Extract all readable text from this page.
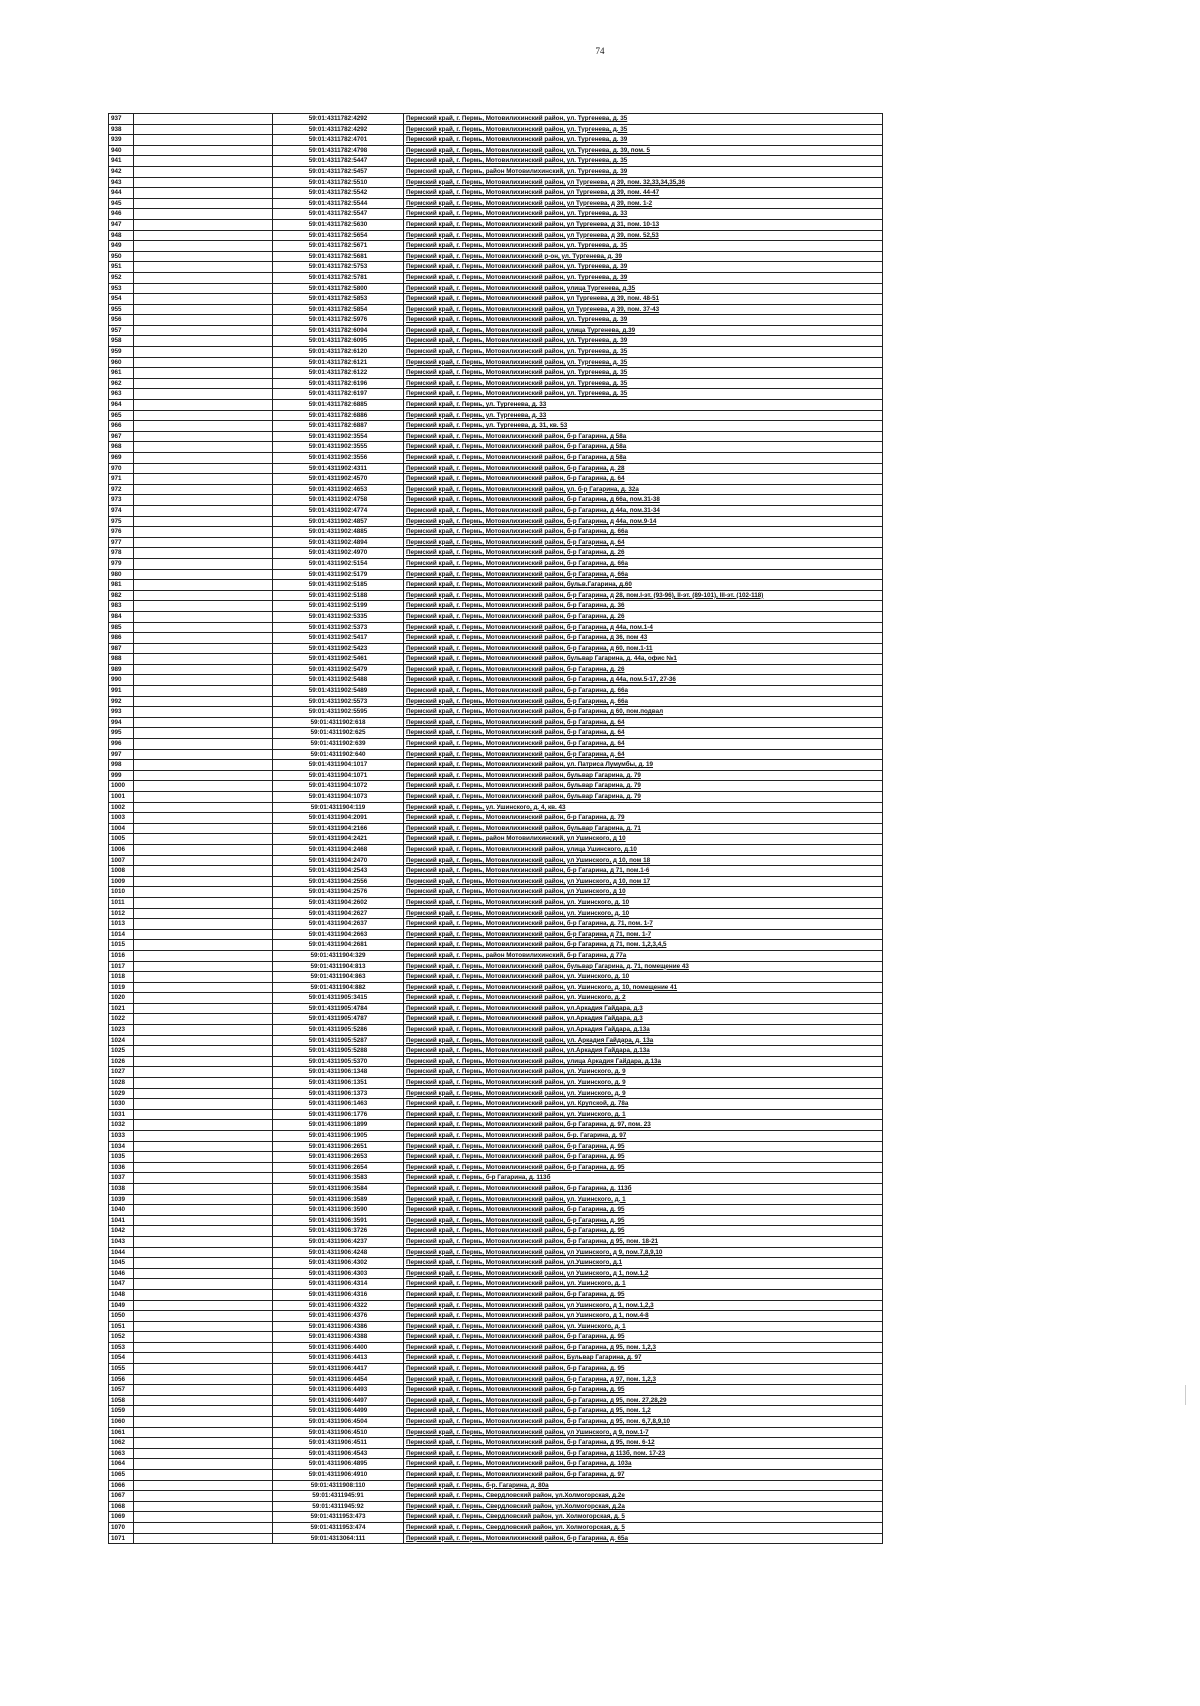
74
937		59:01:4311782:4292	Пермский край, г. Пермь, Мотовилихинский район, ул. Тургенева, д. 35
938		59:01:4311782:4292	Пермский край, г. Пермь, Мотовилихинский район, ул. Тургенева, д. 35
939		59:01:4311782:4701	Пермский край, г. Пермь, Мотовилихинский район, ул. Тургенева, д. 39
940		59:01:4311782:4798	Пермский край, г. Пермь, Мотовилихинский район, ул. Тургенева, д. 39, пом. 5
941		59:01:4311782:5447	Пермский край, г. Пермь, Мотовилихинский район, ул. Тургенева, д. 35
942		59:01:4311782:5457	Пермский край, г. Пермь, район Мотовилихинский, ул. Тургенева, д. 39
943		59:01:4311782:5510	Пермский край, г. Пермь, Мотовилихинский район, ул Тургенева, д 39, пом. 32,33,34,35,36
944		59:01:4311782:5542	Пермский край, г. Пермь, Мотовилихинский район, ул Тургенева, д 39, пом. 44-47
945		59:01:4311782:5544	Пермский край, г. Пермь, Мотовилихинский район, ул Тургенева, д 39, пом. 1-2
946		59:01:4311782:5547	Пермский край, г. Пермь, Мотовилихинский район, ул. Тургенева, д. 33
947		59:01:4311782:5630	Пермский край, г. Пермь, Мотовилихинский район, ул Тургенева, д 31, пом. 10-13
948		59:01:4311782:5654	Пермский край, г. Пермь, Мотовилихинский район, ул Тургенева, д 39, пом. 52,53
949		59:01:4311782:5671	Пермский край, г. Пермь, Мотовилихинский район, ул. Тургенева, д. 35
950		59:01:4311782:5681	Пермский край, г. Пермь, Мотовилихинский р-он, ул. Тургенева, д. 39
951		59:01:4311782:5753	Пермский край, г. Пермь, Мотовилихинский район, ул. Тургенева, д. 39
952		59:01:4311782:5781	Пермский край, г. Пермь, Мотовилихинский район, ул. Тургенева, д. 39
953		59:01:4311782:5800	Пермский край, г. Пермь, Мотовилихинский район, улица Тургенева, д.35
954		59:01:4311782:5853	Пермский край, г. Пермь, Мотовилихинский район, ул Тургенева, д 39, пом. 48-51
955		59:01:4311782:5854	Пермский край, г. Пермь, Мотовилихинский район, ул Тургенева, д 39, пом. 37-43
956		59:01:4311782:5976	Пермский край, г. Пермь, Мотовилихинский район, ул. Тургенева, д. 39
957		59:01:4311782:6094	Пермский край, г. Пермь, Мотовилихинский район, улица Тургенева, д.39
958		59:01:4311782:6095	Пермский край, г. Пермь, Мотовилихинский район, ул. Тургенева, д. 39
959		59:01:4311782:6120	Пермский край, г. Пермь, Мотовилихинский район, ул. Тургенева, д. 35
960		59:01:4311782:6121	Пермский край, г. Пермь, Мотовилихинский район, ул. Тургенева, д. 35
961		59:01:4311782:6122	Пермский край, г. Пермь, Мотовилихинский район, ул. Тургенева, д. 35
962		59:01:4311782:6196	Пермский край, г. Пермь, Мотовилихинский район, ул. Тургенева, д. 35
963		59:01:4311782:6197	Пермский край, г. Пермь, Мотовилихинский район, ул. Тургенева, д. 35
964		59:01:4311782:6885	Пермский край, г. Пермь, ул. Тургенева, д. 33
965		59:01:4311782:6886	Пермский край, г. Пермь, ул. Тургенева, д. 33
966		59:01:4311782:6887	Пермский край, г. Пермь, ул. Тургенева, д. 31, кв. 53
967		59:01:4311902:3554	Пермский край, г. Пермь, Мотовилихинский район, б-р Гагарина, д 58а
968		59:01:4311902:3555	Пермский край, г. Пермь, Мотовилихинский район, б-р Гагарина, д 58а
969		59:01:4311902:3556	Пермский край, г. Пермь, Мотовилихинский район, б-р Гагарина, д 58а
970		59:01:4311902:4311	Пермский край, г. Пермь, Мотовилихинский район, б-р Гагарина, д. 28
971		59:01:4311902:4570	Пермский край, г. Пермь, Мотовилихинский район, б-р Гагарина, д. 64
972		59:01:4311902:4653	Пермский край, г. Пермь, Мотовилихинский район, ул. б-р Гагарина, д. 32а
973		59:01:4311902:4758	Пермский край, г. Пермь, Мотовилихинский район, б-р Гагарина, д 66а, пом.31-38
974		59:01:4311902:4774	Пермский край, г. Пермь, Мотовилихинский район, б-р Гагарина, д 44а, пом.31-34
975		59:01:4311902:4857	Пермский край, г. Пермь, Мотовилихинский район, б-р Гагарина, д 44а, пом.9-14
976		59:01:4311902:4885	Пермский край, г. Пермь, Мотовилихинский район, б-р Гагарина, д. 66а
977		59:01:4311902:4894	Пермский край, г. Пермь, Мотовилихинский район, б-р Гагарина, д. 64
978		59:01:4311902:4970	Пермский край, г. Пермь, Мотовилихинский район, б-р Гагарина, д. 26
979		59:01:4311902:5154	Пермский край, г. Пермь, Мотовилихинский район, б-р Гагарина, д. 66а
980		59:01:4311902:5179	Пермский край, г. Пермь, Мотовилихинский район, б-р Гагарина, д. 66а
981		59:01:4311902:5185	Пермский край, г. Пермь, Мотовилихинский район, бульв.Гагарина, д.60
982		59:01:4311902:5188	Пермский край, г. Пермь, Мотовилихинский район, б-р Гагарина, д 28, пом.I-эт. (93-96), II-эт. (89-101), III-эт. (102-118)
983		59:01:4311902:5199	Пермский край, г. Пермь, Мотовилихинский район, б-р Гагарина, д. 36
984		59:01:4311902:5335	Пермский край, г. Пермь, Мотовилихинский район, б-р Гагарина, д. 26
985		59:01:4311902:5373	Пермский край, г. Пермь, Мотовилихинский район, б-р Гагарина, д 44а, пом.1-4
986		59:01:4311902:5417	Пермский край, г. Пермь, Мотовилихинский район, б-р Гагарина, д 36, пом 43
987		59:01:4311902:5423	Пермский край, г. Пермь, Мотовилихинский район, б-р Гагарина, д 60, пом.1-11
988		59:01:4311902:5461	Пермский край, г. Пермь, Мотовилихинский район, бульвар Гагарина, д. 44а, офис №1
989		59:01:4311902:5479	Пермский край, г. Пермь, Мотовилихинский район, б-р Гагарина, д. 26
990		59:01:4311902:5488	Пермский край, г. Пермь, Мотовилихинский район, б-р Гагарина, д 44а, пом.5-17, 27-36
991		59:01:4311902:5489	Пермский край, г. Пермь, Мотовилихинский район, б-р Гагарина, д. 66а
992		59:01:4311902:5573	Пермский край, г. Пермь, Мотовилихинский район, б-р Гагарина, д. 66а
993		59:01:4311902:5595	Пермский край, г. Пермь, Мотовилихинский район, б-р Гагарина, д 60, пом.подвал
994		59:01:4311902:618	Пермский край, г. Пермь, Мотовилихинский район, б-р Гагарина, д. 64
995		59:01:4311902:625	Пермский край, г. Пермь, Мотовилихинский район, б-р Гагарина, д. 64
996		59:01:4311902:639	Пермский край, г. Пермь, Мотовилихинский район, б-р Гагарина, д. 64
997		59:01:4311902:640	Пермский край, г. Пермь, Мотовилихинский район, б-р Гагарина, д. 64
998		59:01:4311904:1017	Пермский край, г. Пермь, Мотовилихинский район, ул. Патриса Лумумбы, д. 19
999		59:01:4311904:1071	Пермский край, г. Пермь, Мотовилихинский район, бульвар Гагарина, д. 79
1000		59:01:4311904:1072	Пермский край, г. Пермь, Мотовилихинский район, бульвар Гагарина, д. 79
1001		59:01:4311904:1073	Пермский край, г. Пермь, Мотовилихинский район, бульвар Гагарина, д. 79
1002		59:01:4311904:119	Пермский край, г. Пермь, ул. Ушинского, д. 4, кв. 43
1003		59:01:4311904:2091	Пермский край, г. Пермь, Мотовилихинский район, б-р Гагарина, д. 79
1004		59:01:4311904:2166	Пермский край, г. Пермь, Мотовилихинский район, бульвар Гагарина, д. 71
1005		59:01:4311904:2421	Пермский край, г. Пермь, район Мотовилихинский, ул Ушинского, д 10
1006		59:01:4311904:2468	Пермский край, г. Пермь, Мотовилихинский район, улица Ушинского, д.10
1007		59:01:4311904:2470	Пермский край, г. Пермь, Мотовилихинский район, ул Ушинского, д 10, пом 18
1008		59:01:4311904:2543	Пермский край, г. Пермь, Мотовилихинский район, б-р Гагарина, д 71, пом.1-6
1009		59:01:4311904:2556	Пермский край, г. Пермь, Мотовилихинский район, ул Ушинского, д 10, пом 17
1010		59:01:4311904:2576	Пермский край, г. Пермь, Мотовилихинский район, ул Ушинского, д 10
1011		59:01:4311904:2602	Пермский край, г. Пермь, Мотовилихинский район, ул. Ушинского, д. 10
1012		59:01:4311904:2627	Пермский край, г. Пермь, Мотовилихинский район, ул. Ушинского, д. 10
1013		59:01:4311904:2637	Пермский край, г. Пермь, Мотовилихинский район, б-р Гагарина, д. 71, пом. 1-7
1014		59:01:4311904:2663	Пермский край, г. Пермь, Мотовилихинский район, б-р Гагарина, д 71, пом. 1-7
1015		59:01:4311904:2681	Пермский край, г. Пермь, Мотовилихинский район, б-р Гагарина, д 71, пом. 1,2,3,4,5
1016		59:01:4311904:329	Пермский край, г. Пермь, район Мотовилихинский, б-р Гагарина, д 77а
1017		59:01:4311904:813	Пермский край, г. Пермь, Мотовилихинский район, бульвар Гагарина, д. 71, помещение 43
1018		59:01:4311904:863	Пермский край, г. Пермь, Мотовилихинский район, ул. Ушинского, д. 10
1019		59:01:4311904:882	Пермский край, г. Пермь, Мотовилихинский район, ул. Ушинского, д. 10, помещение 41
1020		59:01:4311905:3415	Пермский край, г. Пермь, Мотовилихинский район, ул. Ушинского, д. 2
1021		59:01:4311905:4784	Пермский край, г. Пермь, Мотовилихинский район, ул.Аркадия Гайдара, д.3
1022		59:01:4311905:4787	Пермский край, г. Пермь, Мотовилихинский район, ул.Аркадия Гайдара, д.3
1023		59:01:4311905:5286	Пермский край, г. Пермь, Мотовилихинский район, ул.Аркадия Гайдара, д.13а
1024		59:01:4311905:5287	Пермский край, г. Пермь, Мотовилихинский район, ул. Аркадия Гайдара, д. 13а
1025		59:01:4311905:5288	Пермский край, г. Пермь, Мотовилихинский район, ул.Аркадия Гайдара, д.13а
1026		59:01:4311905:5370	Пермский край, г. Пермь, Мотовилихинский район, улица Аркадия Гайдара, д.13а
1027		59:01:4311906:1348	Пермский край, г. Пермь, Мотовилихинский район, ул. Ушинского, д. 9
1028		59:01:4311906:1351	Пермский край, г. Пермь, Мотовилихинский район, ул. Ушинского, д. 9
1029		59:01:4311906:1373	Пермский край, г. Пермь, Мотовилихинский район, ул. Ушинского, д. 9
1030		59:01:4311906:1463	Пермский край, г. Пермь, Мотовилихинский район, ул. Крупской, д. 78а
1031		59:01:4311906:1776	Пермский край, г. Пермь, Мотовилихинский район, ул. Ушинского, д. 1
1032		59:01:4311906:1899	Пермский край, г. Пермь, Мотовилихинский район, б-р Гагарина, д. 97, пом. 23
1033		59:01:4311906:1905	Пермский край, г. Пермь, Мотовилихинский район, б-р. Гагарина, д. 97
1034		59:01:4311906:2651	Пермский край, г. Пермь, Мотовилихинский район, б-р Гагарина, д. 95
1035		59:01:4311906:2653	Пермский край, г. Пермь, Мотовилихинский район, б-р Гагарина, д. 95
1036		59:01:4311906:2654	Пермский край, г. Пермь, Мотовилихинский район, б-р Гагарина, д. 95
1037		59:01:4311906:3583	Пермский край, г. Пермь, б-р Гагарина, д. 113б
1038		59:01:4311906:3584	Пермский край, г. Пермь, Мотовилихинский район, б-р Гагарина, д. 113б
1039		59:01:4311906:3589	Пермский край, г. Пермь, Мотовилихинский район, ул. Ушинского, д. 1
1040		59:01:4311906:3590	Пермский край, г. Пермь, Мотовилихинский район, б-р Гагарина, д. 95
1041		59:01:4311906:3591	Пермский край, г. Пермь, Мотовилихинский район, б-р Гагарина, д. 95
1042		59:01:4311906:3726	Пермский край, г. Пермь, Мотовилихинский район, б-р Гагарина, д. 95
1043		59:01:4311906:4237	Пермский край, г. Пермь, Мотовилихинский район, б-р Гагарина, д 95, пом. 18-21
1044		59:01:4311906:4248	Пермский край, г. Пермь, Мотовилихинский район, ул Ушинского, д 9, пом.7,8,9,10
1045		59:01:4311906:4302	Пермский край, г. Пермь, Мотовилихинский район, ул.Ушинского, д.1
1046		59:01:4311906:4303	Пермский край, г. Пермь, Мотовилихинский район, ул Ушинского, д 1, пом.1,2
1047		59:01:4311906:4314	Пермский край, г. Пермь, Мотовилихинский район, ул. Ушинского, д. 1
1048		59:01:4311906:4316	Пермский край, г. Пермь, Мотовилихинский район, б-р Гагарина, д. 95
1049		59:01:4311906:4322	Пермский край, г. Пермь, Мотовилихинский район, ул Ушинского, д 1, пом.1,2,3
1050		59:01:4311906:4376	Пермский край, г. Пермь, Мотовилихинский район, ул Ушинского, д 1, пом.4-8
1051		59:01:4311906:4386	Пермский край, г. Пермь, Мотовилихинский район, ул. Ушинского, д. 1
1052		59:01:4311906:4388	Пермский край, г. Пермь, Мотовилихинский район, б-р Гагарина, д. 95
1053		59:01:4311906:4400	Пермский край, г. Пермь, Мотовилихинский район, б-р Гагарина, д 95, пом. 1,2,3
1054		59:01:4311906:4413	Пермский край, г. Пермь, Мотовилихинский район, Бульвар Гагарина, д. 97
1055		59:01:4311906:4417	Пермский край, г. Пермь, Мотовилихинский район, б-р Гагарина, д. 95
1056		59:01:4311906:4454	Пермский край, г. Пермь, Мотовилихинский район, б-р Гагарина, д 97, пом. 1,2,3
1057		59:01:4311906:4493	Пермский край, г. Пермь, Мотовилихинский район, б-р Гагарина, д. 95
1058		59:01:4311906:4497	Пермский край, г. Пермь, Мотовилихинский район, б-р Гагарина, д 95, пом. 27,28,29
1059		59:01:4311906:4499	Пермский край, г. Пермь, Мотовилихинский район, б-р Гагарина, д 95, пом. 1,2
1060		59:01:4311906:4504	Пермский край, г. Пермь, Мотовилихинский район, б-р Гагарина, д 95, пом. 6,7,8,9,10
1061		59:01:4311906:4510	Пермский край, г. Пермь, Мотовилихинский район, ул Ушинского, д 9, пом.1-7
1062		59:01:4311906:4511	Пермский край, г. Пермь, Мотовилихинский район, б-р Гагарина, д 95, пом. 6-12
1063		59:01:4311906:4543	Пермский край, г. Пермь, Мотовилихинский район, б-р Гагарина, д 113б, пом. 17-23
1064		59:01:4311906:4895	Пермский край, г. Пермь, Мотовилихинский район, б-р Гагарина, д. 103а
1065		59:01:4311906:4910	Пермский край, г. Пермь, Мотовилихинский район, б-р Гагарина, д. 97
1066		59:01:4311908:110	Пермский край, г. Пермь, б-р. Гагарина, д. 80а
1067		59:01:4311945:91	Пермский край, г. Пермь, Свердловский район, ул.Холмогорская, д.2е
1068		59:01:4311945:92	Пермский край, г. Пермь, Свердловский район, ул.Холмогорская, д.2а
1069		59:01:4311953:473	Пермский край, г. Пермь, Свердловский район, ул. Холмогорская, д. 5
1070		59:01:4311953:474	Пермский край, г. Пермь, Свердловский район, ул. Холмогорская, д. 5
1071		59:01:4313064:111	Пермский край, г. Пермь, Мотовилихинский район, б-р Гагарина, д. 65а
